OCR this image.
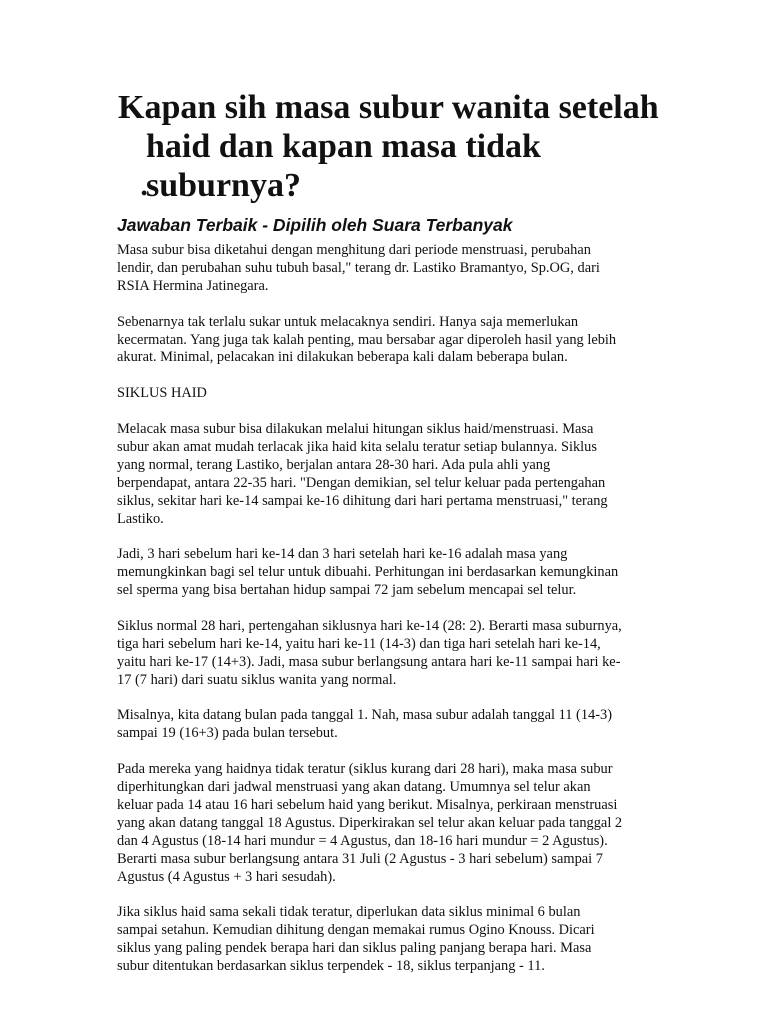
Kapan sih masa subur wanita setelah
haid dan kapan masa tidak suburnya?
•
Jawaban Terbaik - Dipilih oleh Suara Terbanyak

Masa subur bisa diketahui dengan menghitung dari periode menstruasi, perubahan
lendir, dan perubahan suhu tubuh basal," terang dr. Lastiko Bramantyo, Sp.OG, dari
RSIA Hermina Jatinegara.

Sebenarnya tak terlalu sukar untuk melacaknya sendiri. Hanya saja memerlukan
kecermatan. Yang juga tak kalah penting, mau bersabar agar diperoleh hasil yang lebih
akurat. Minimal, pelacakan ini dilakukan beberapa kali dalam beberapa bulan.

SIKLUS HAID

Melacak masa subur bisa dilakukan melalui hitungan siklus haid/menstruasi. Masa
subur akan amat mudah terlacak jika haid kita selalu teratur setiap bulannya. Siklus
yang normal, terang Lastiko, berjalan antara 28-30 hari. Ada pula ahli yang
berpendapat, antara 22-35 hari. "Dengan demikian, sel telur keluar pada pertengahan
siklus, sekitar hari ke-14 sampai ke-16 dihitung dari hari pertama menstruasi," terang
Lastiko.

Jadi, 3 hari sebelum hari ke-14 dan 3 hari setelah hari ke-16 adalah masa yang
memungkinkan bagi sel telur untuk dibuahi. Perhitungan ini berdasarkan kemungkinan
sel sperma yang bisa bertahan hidup sampai 72 jam sebelum mencapai sel telur.

Siklus normal 28 hari, pertengahan siklusnya hari ke-14 (28: 2). Berarti masa suburnya,
tiga hari sebelum hari ke-14, yaitu hari ke-11 (14-3) dan tiga hari setelah hari ke-14,
yaitu hari ke-17 (14+3). Jadi, masa subur berlangsung antara hari ke-11 sampai hari ke-
17 (7 hari) dari suatu siklus wanita yang normal.

Misalnya, kita datang bulan pada tanggal 1. Nah, masa subur adalah tanggal 11 (14-3)
sampai 19 (16+3) pada bulan tersebut.

Pada mereka yang haidnya tidak teratur (siklus kurang dari 28 hari), maka masa subur
diperhitungkan dari jadwal menstruasi yang akan datang. Umumnya sel telur akan
keluar pada 14 atau 16 hari sebelum haid yang berikut. Misalnya, perkiraan menstruasi
yang akan datang tanggal 18 Agustus. Diperkirakan sel telur akan keluar pada tanggal 2
dan 4 Agustus (18-14 hari mundur = 4 Agustus, dan 18-16 hari mundur = 2 Agustus).
Berarti masa subur berlangsung antara 31 Juli (2 Agustus - 3 hari sebelum) sampai 7
Agustus (4 Agustus + 3 hari sesudah).

Jika siklus haid sama sekali tidak teratur, diperlukan data siklus minimal 6 bulan
sampai setahun. Kemudian dihitung dengan memakai rumus Ogino Knouss. Dicari
siklus yang paling pendek berapa hari dan siklus paling panjang berapa hari. Masa
subur ditentukan berdasarkan siklus terpendek - 18, siklus terpanjang - 11.
